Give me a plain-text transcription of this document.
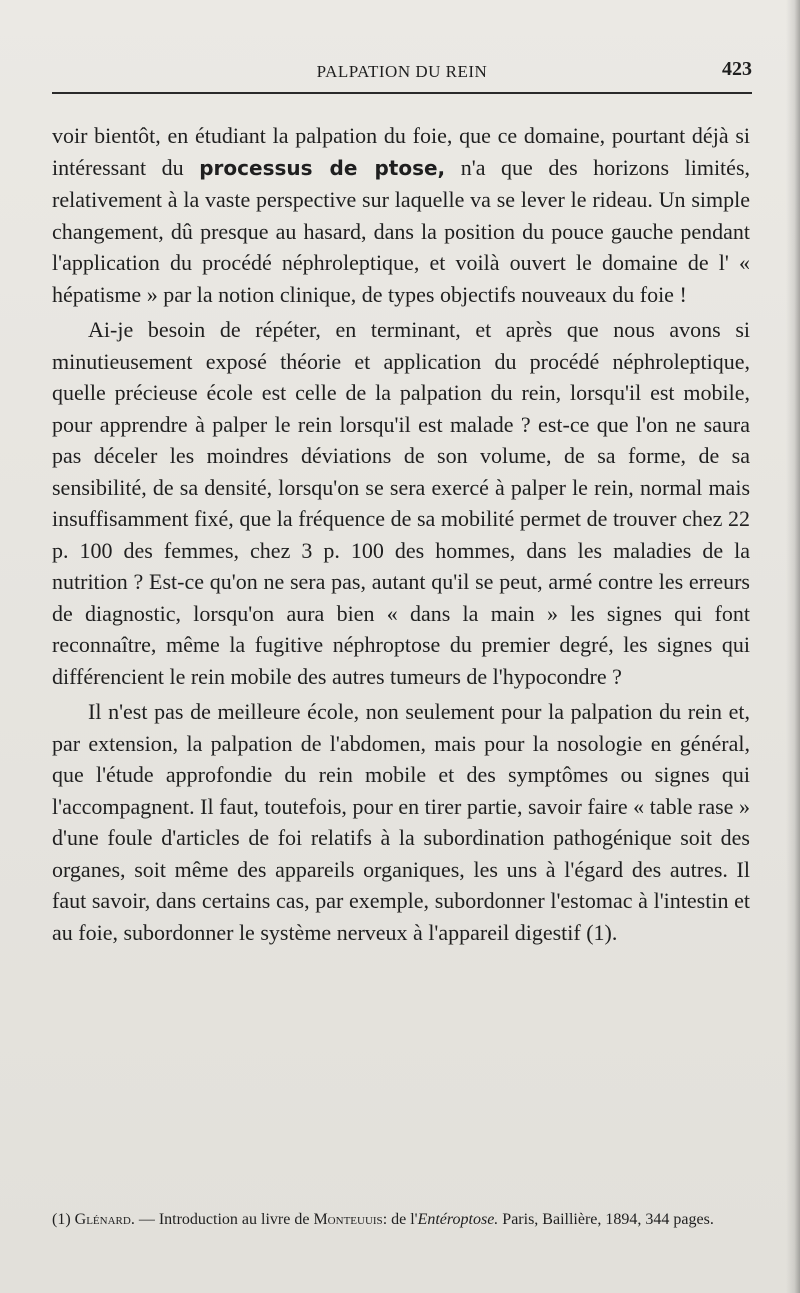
PALPATION DU REIN	423

voir bientôt, en étudiant la palpation du foie, que ce domaine, pourtant déjà si intéressant du processus de ptose, n'a que des horizons limités, relativement à la vaste perspective sur laquelle va se lever le rideau. Un simple changement, dû presque au hasard, dans la position du pouce gauche pendant l'application du procédé néphroleptique, et voilà ouvert le domaine de l' « hépatisme » par la notion clinique, de types objectifs nouveaux du foie !

Ai-je besoin de répéter, en terminant, et après que nous avons si minutieusement exposé théorie et application du procédé néphroleptique, quelle précieuse école est celle de la palpation du rein, lorsqu'il est mobile, pour apprendre à palper le rein lorsqu'il est malade ? est-ce que l'on ne saura pas déceler les moindres déviations de son volume, de sa forme, de sa sensibilité, de sa densité, lorsqu'on se sera exercé à palper le rein, normal mais insuffisamment fixé, que la fréquence de sa mobilité permet de trouver chez 22 p. 100 des femmes, chez 3 p. 100 des hommes, dans les maladies de la nutrition ? Est-ce qu'on ne sera pas, autant qu'il se peut, armé contre les erreurs de diagnostic, lorsqu'on aura bien « dans la main » les signes qui font reconnaître, même la fugitive néphroptose du premier degré, les signes qui différencient le rein mobile des autres tumeurs de l'hypocondre ?

Il n'est pas de meilleure école, non seulement pour la palpation du rein et, par extension, la palpation de l'abdomen, mais pour la nosologie en général, que l'étude approfondie du rein mobile et des symptômes ou signes qui l'accompagnent. Il faut, toutefois, pour en tirer partie, savoir faire « table rase » d'une foule d'articles de foi relatifs à la subordination pathogénique soit des organes, soit même des appareils organiques, les uns à l'égard des autres. Il faut savoir, dans certains cas, par exemple, subordonner l'estomac à l'intestin et au foie, subordonner le système nerveux à l'appareil digestif (1).

(1) Glénard. — Introduction au livre de Monteuuis: de l'Entéroptose. Paris, Baillière, 1894, 344 pages.
